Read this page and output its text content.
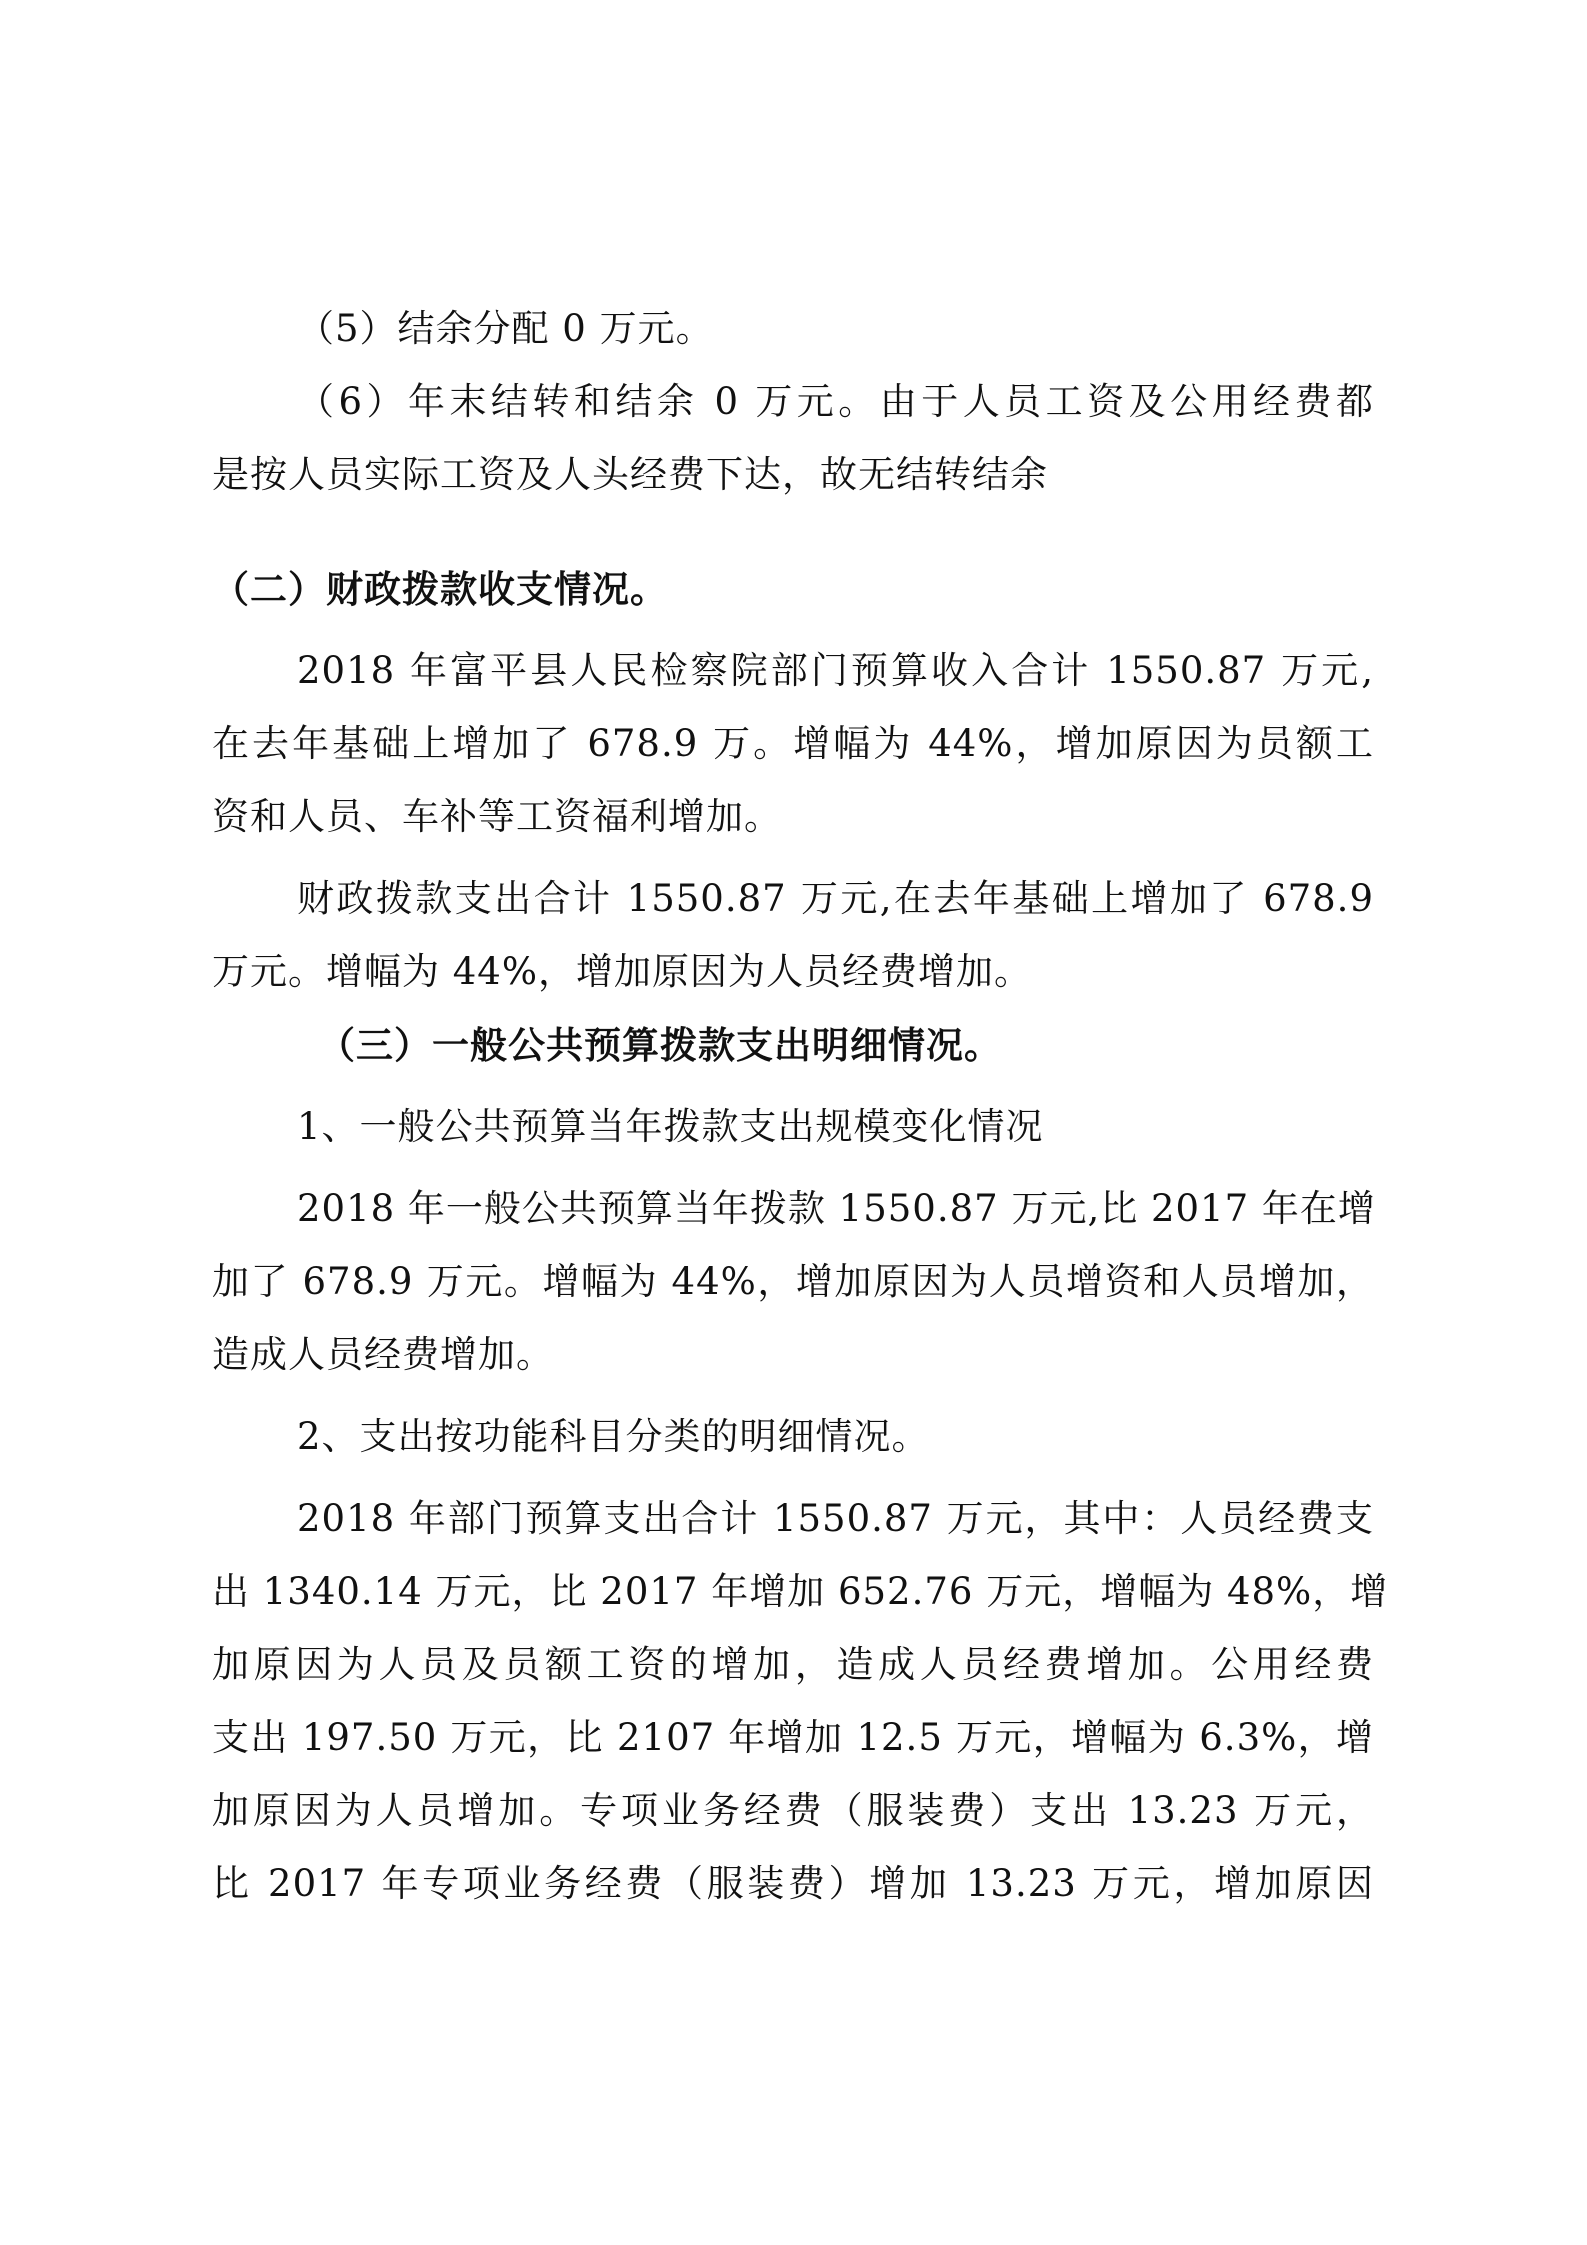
（5）结余分配 0 万元。
（6）年末结转和结余 0 万元。由于人员工资及公用经费都
是按人员实际工资及人头经费下达，故无结转结余
（二）财政拨款收支情况。
2018 年富平县人民检察院部门预算收入合计 1550.87 万元,
在去年基础上增加了 678.9 万。增幅为 44%，增加原因为员额工
资和人员、车补等工资福利增加。
财政拨款支出合计 1550.87 万元,在去年基础上增加了 678.9
万元。增幅为 44%，增加原因为人员经费增加。
（三）一般公共预算拨款支出明细情况。
1、一般公共预算当年拨款支出规模变化情况
2018 年一般公共预算当年拨款 1550.87 万元,比 2017 年在增
加了 678.9 万元。增幅为 44%，增加原因为人员增资和人员增加，
造成人员经费增加。
2、支出按功能科目分类的明细情况。
2018 年部门预算支出合计 1550.87 万元，其中：人员经费支
出 1340.14 万元，比 2017 年增加 652.76 万元，增幅为 48%，增
加原因为人员及员额工资的增加，造成人员经费增加。公用经费
支出 197.50 万元，比 2107 年增加 12.5 万元，增幅为 6.3%，增
加原因为人员增加。专项业务经费（服装费）支出 13.23 万元，
比 2017 年专项业务经费（服装费）增加 13.23 万元，增加原因
